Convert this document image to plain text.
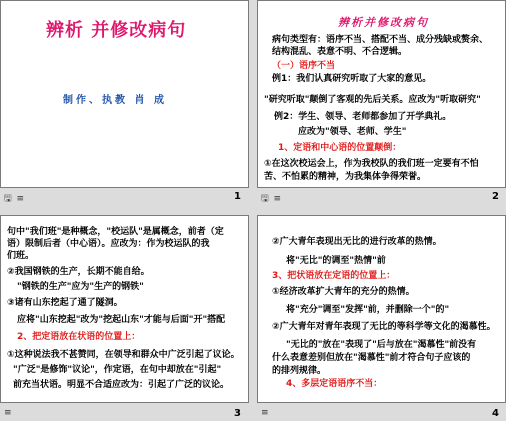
辨析 并修改病句
制作、执教 肖 成
🖫 ≡	1
辨析并修改病句
病句类型有：语序不当、搭配不当、成分残缺或赘余、
结构混乱、表意不明、不合逻辑。
（一）语序不当
例1：我们认真研究听取了大家的意见。
"研究听取"颠倒了客观的先后关系。应改为"听取研究"
例2：学生、领导、老师都参加了开学典礼。
应改为"领导、老师、学生"
1、定语和中心语的位置颠倒：
①在这次校运会上，作为我校队的我们班一定要有不怕
苦、不怕累的精神，为我集体争得荣誉。
🖫 ≡	2
句中"我们班"是种概念，"校运队"是属概念，前者（定
语）限制后者（中心语）。应改为：作为校运队的我
们班。
②我国钢铁的生产，长期不能自给。
"钢铁的生产"应为"生产的钢铁"
③诸有山东挖起了通了隧洞。
应将"山东挖起"改为"挖起山东"才能与后面"开"搭配
2、把定语放在状语的位置上：
①这种说法我不甚赞同，在领导和群众中广泛引起了议论。
"广泛"是修饰"议论"，作定语，在句中却放在"引起"
前充当状语。明显不合适应改为：引起了广泛的议论。
≡	3
②广大青年表现出无比的进行改革的热情。
将"无比"的调至"热情"前
3、把状语放在定语的位置上：
①经济改革扩大青年的充分的热情。
将"充分"调至"发挥"前，并删除一个"的"
②广大青年对青年表现了无比的等科学等文化的渴慕性。
"无比的"放在"表现了"后与放在"渴慕性"前没有
什么表意差别但放在"渴慕性"前才符合句子应该的
的排列规律。
4、多层定语语序不当：
≡	4
